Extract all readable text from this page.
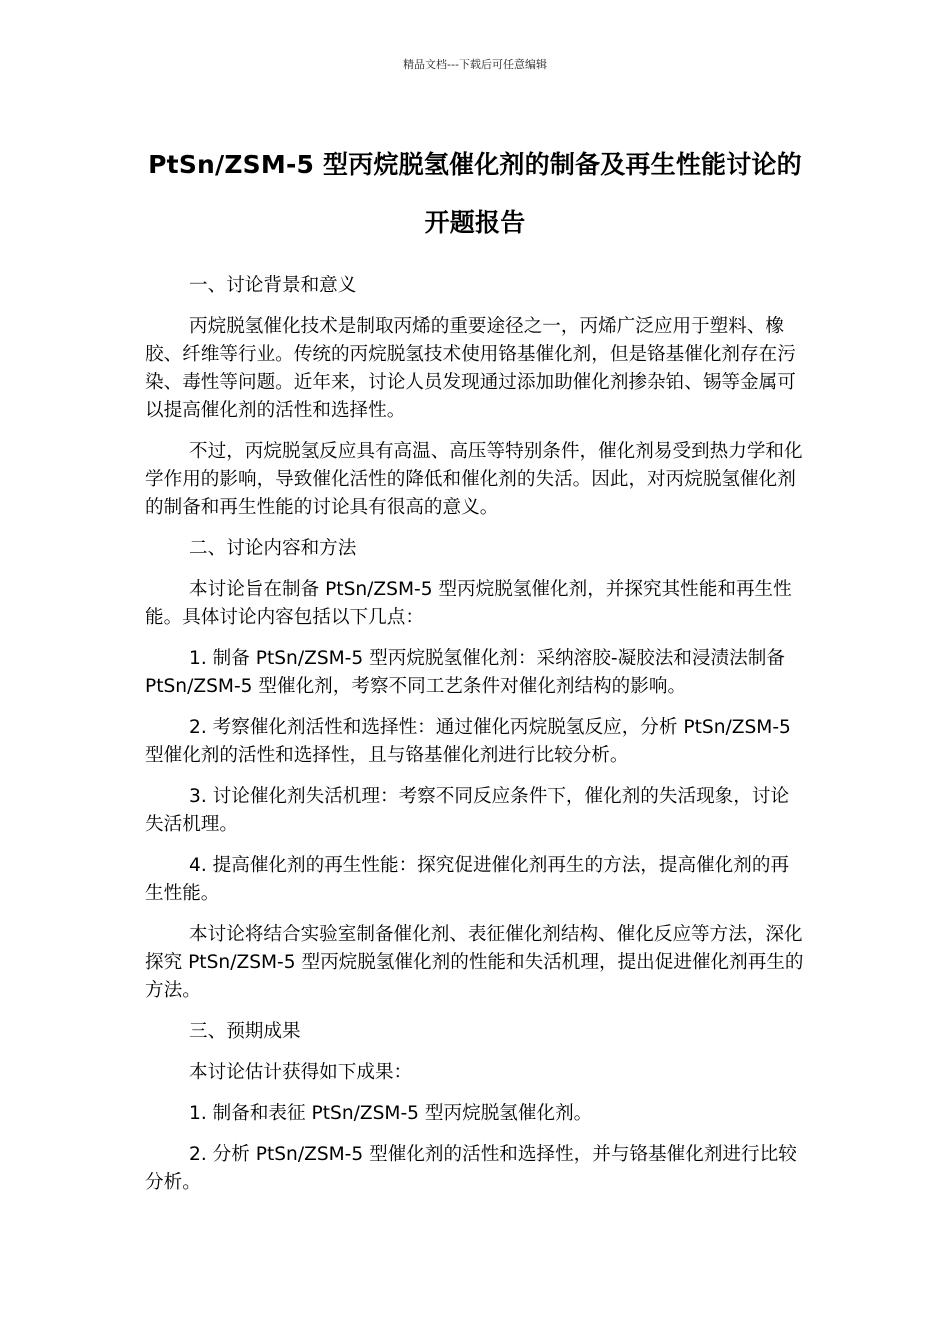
精品文档---下载后可任意编辑
PtSn/ZSM-5 型丙烷脱氢催化剂的制备及再生性能讨论的开题报告

一、讨论背景和意义

丙烷脱氢催化技术是制取丙烯的重要途径之一，丙烯广泛应用于塑料、橡胶、纤维等行业。传统的丙烷脱氢技术使用铬基催化剂，但是铬基催化剂存在污染、毒性等问题。近年来，讨论人员发现通过添加助催化剂掺杂铂、锡等金属可以提高催化剂的活性和选择性。

不过，丙烷脱氢反应具有高温、高压等特别条件，催化剂易受到热力学和化学作用的影响，导致催化活性的降低和催化剂的失活。因此，对丙烷脱氢催化剂的制备和再生性能的讨论具有很高的意义。

二、讨论内容和方法

本讨论旨在制备 PtSn/ZSM-5 型丙烷脱氢催化剂，并探究其性能和再生性能。具体讨论内容包括以下几点：

1. 制备 PtSn/ZSM-5 型丙烷脱氢催化剂：采纳溶胶-凝胶法和浸渍法制备 PtSn/ZSM-5 型催化剂，考察不同工艺条件对催化剂结构的影响。

2. 考察催化剂活性和选择性：通过催化丙烷脱氢反应，分析 PtSn/ZSM-5 型催化剂的活性和选择性，且与铬基催化剂进行比较分析。

3. 讨论催化剂失活机理：考察不同反应条件下，催化剂的失活现象，讨论失活机理。

4. 提高催化剂的再生性能：探究促进催化剂再生的方法，提高催化剂的再生性能。

本讨论将结合实验室制备催化剂、表征催化剂结构、催化反应等方法，深化探究 PtSn/ZSM-5 型丙烷脱氢催化剂的性能和失活机理，提出促进催化剂再生的方法。

三、预期成果

本讨论估计获得如下成果：

1. 制备和表征 PtSn/ZSM-5 型丙烷脱氢催化剂。

2. 分析 PtSn/ZSM-5 型催化剂的活性和选择性，并与铬基催化剂进行比较分析。
